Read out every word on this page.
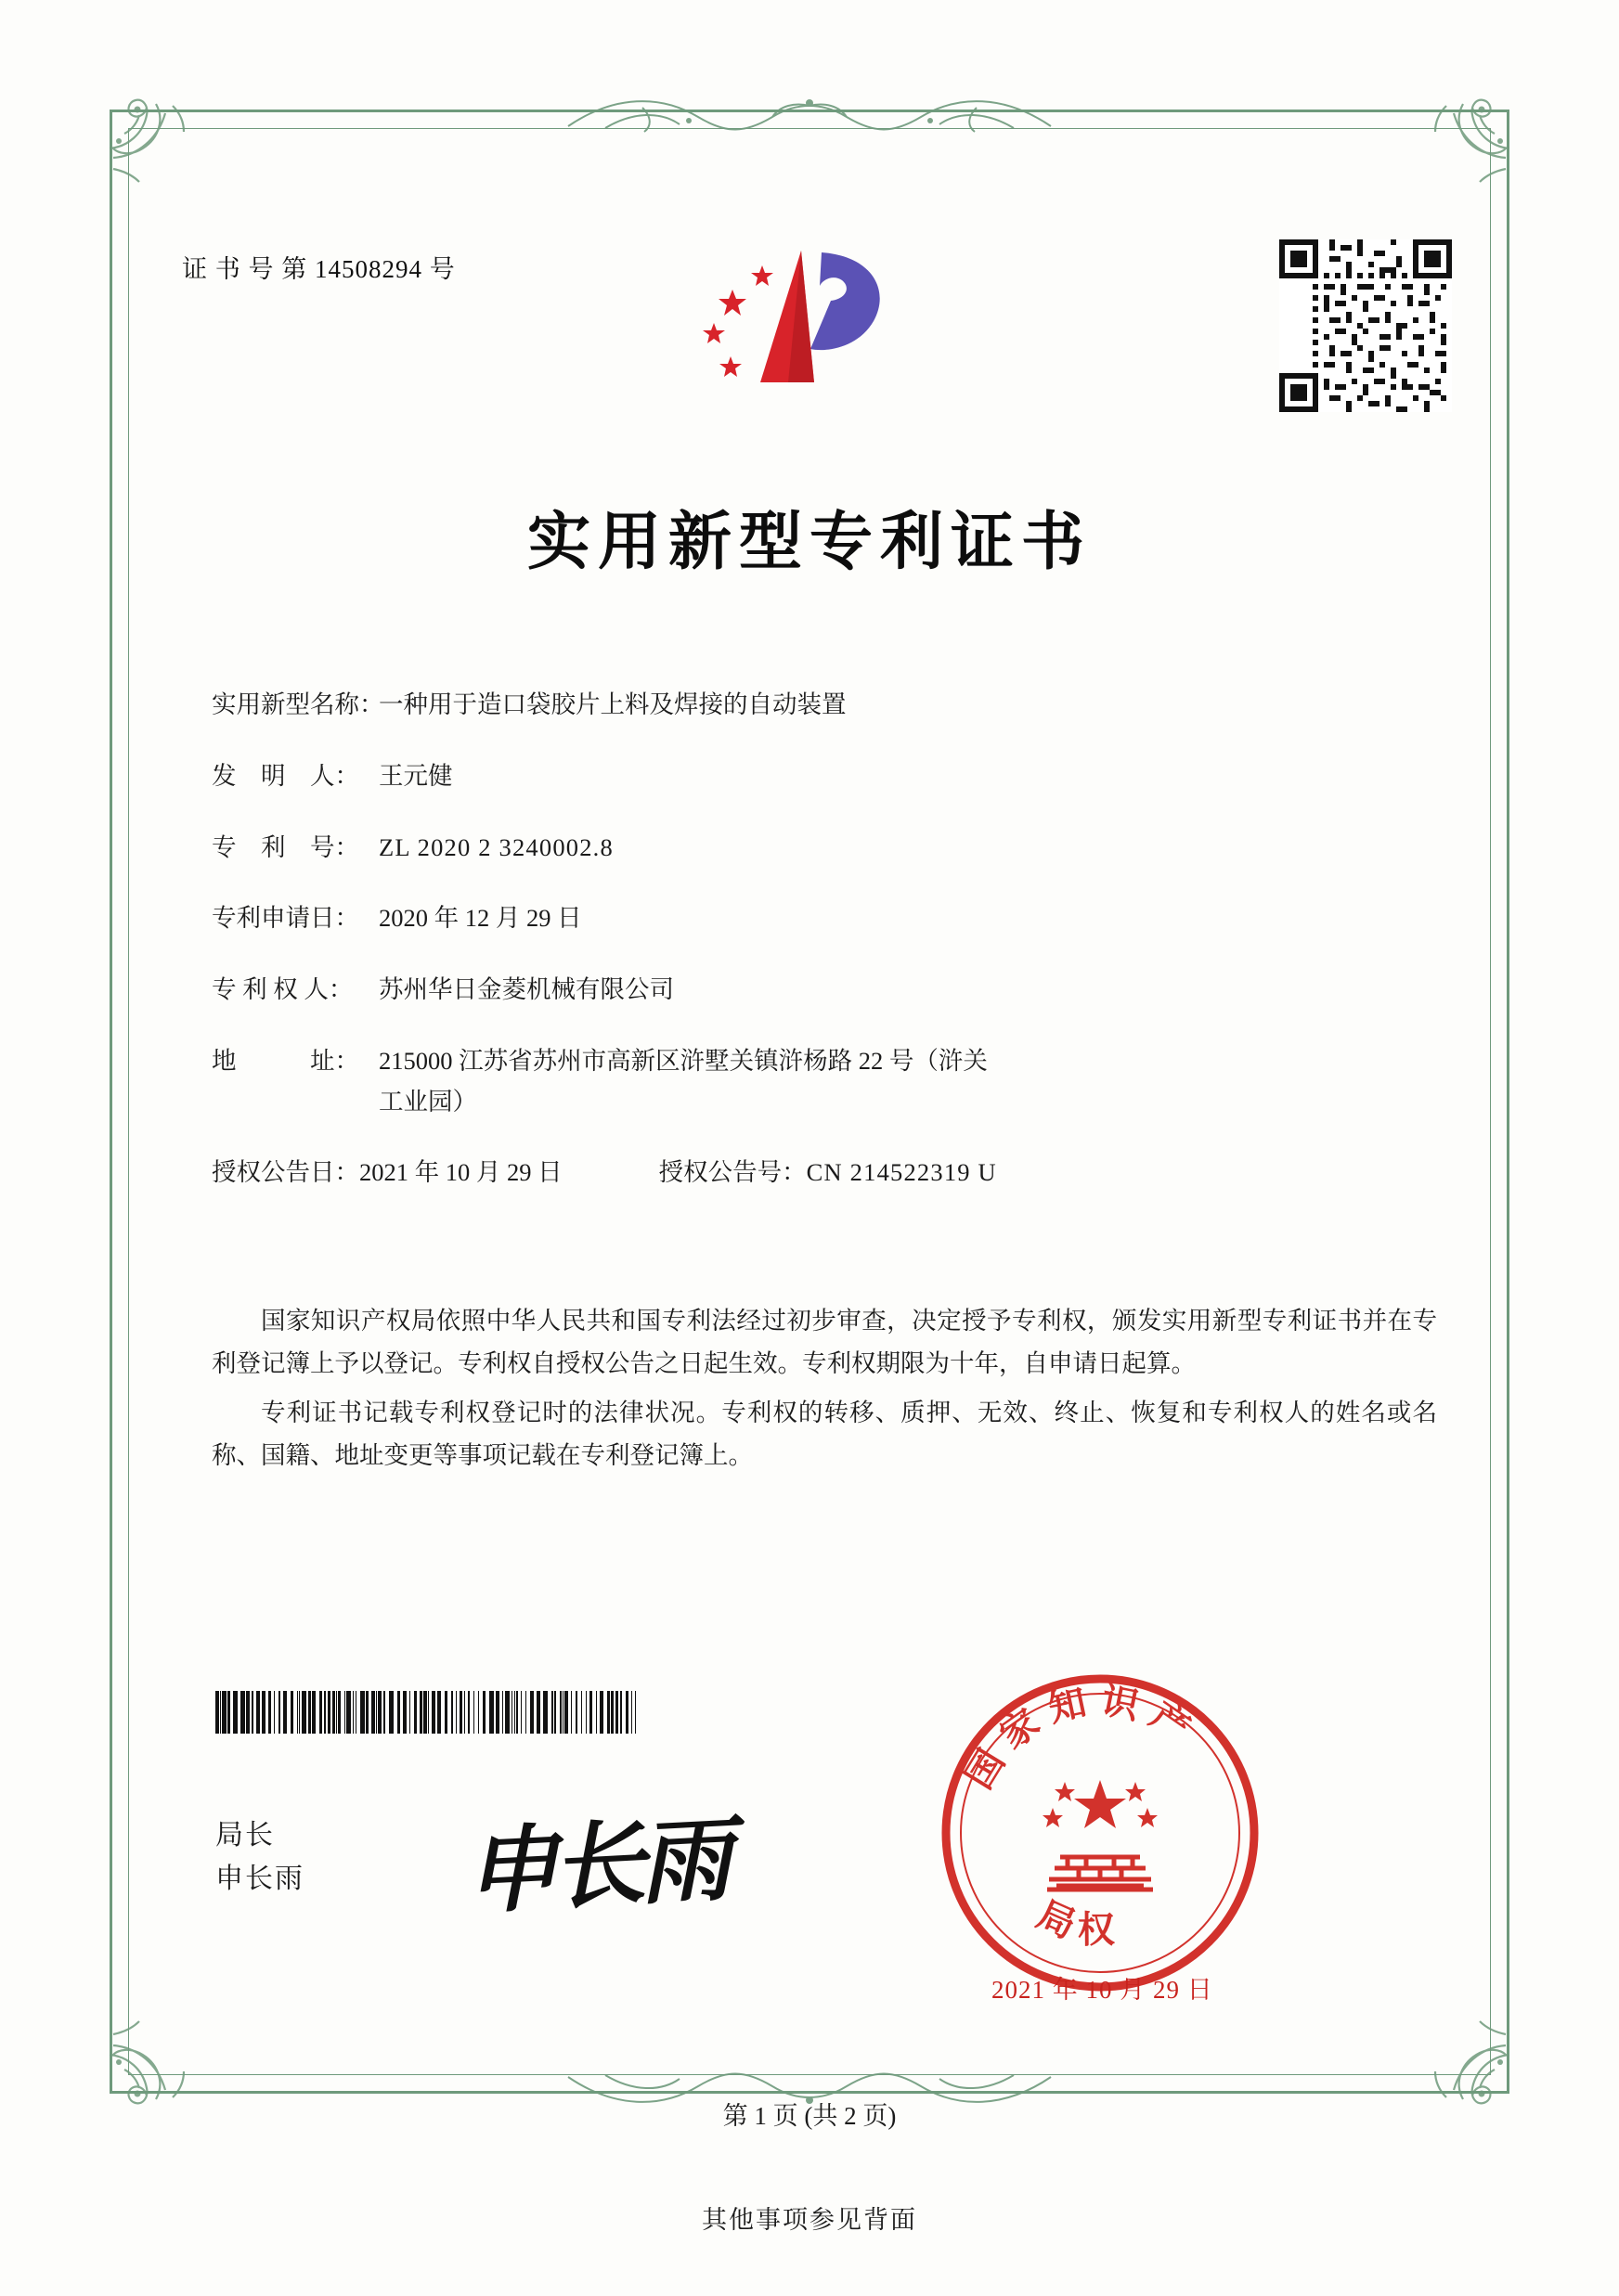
证 书 号 第 14508294 号
实用新型专利证书
实用新型名称：
一种用于造口袋胶片上料及焊接的自动装置
发　明　人： 王元健
专　利　号： ZL 2020 2 3240002.8
专利申请日： 2020 年 12 月 29 日
专 利 权 人：	苏州华日金菱机械有限公司
地　　　址： 215000 江苏省苏州市高新区浒墅关镇浒杨路 22 号（浒关
工业园）
授权公告日：2021 年 10 月 29 日	授权公告号：CN 214522319 U

国家知识产权局依照中华人民共和国专利法经过初步审查，决定授予专利权，颁发实用新型专利证书并在专利登记簿上予以登记。专利权自授权公告之日起生效。专利权期限为十年，自申请日起算。

专利证书记载专利权登记时的法律状况。专利权的转移、质押、无效、终止、恢复和专利权人的姓名或名称、国籍、地址变更等事项记载在专利登记簿上。

局长
申长雨 申长雨
国家知识产
局权
2021 年 10 月 29 日
第 1 页 (共 2 页)
其他事项参见背面
